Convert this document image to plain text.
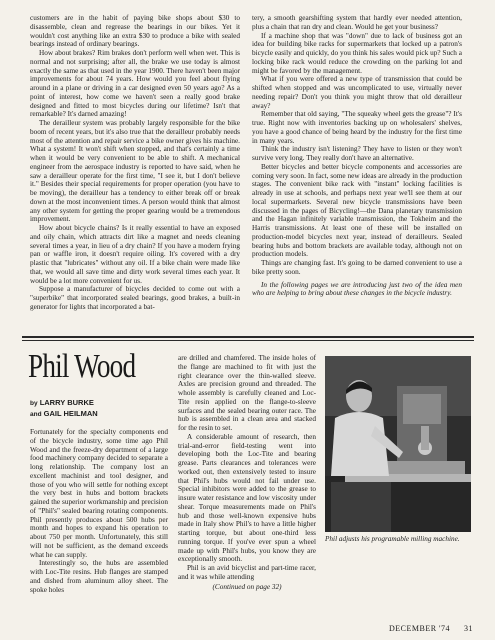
customers are in the habit of paying bike shops about $30 to disassemble, clean and regrease the bearings in our bikes. Yet it wouldn't cost anything like an extra $30 to produce a bike with sealed bearings instead of ordinary bearings.

How about brakes? Rim brakes don't perform well when wet. This is normal and not surprising; after all, the brake we use today is almost exactly the same as that used in the year 1900. There haven't been major improvements for about 74 years. How would you feel about flying around in a plane or driving in a car designed even 50 years ago? As a point of interest, how come we haven't seen a really good brake designed and fitted to most bicycles during our lifetime? Isn't that remarkable? It's darned amazing!

The derailleur system was probably largely responsible for the bike boom of recent years, but it's also true that the derailleur probably needs most of the attention and repair service a bike owner gives his machine. What a system! It won't shift when stopped, and that's certainly a time when it would be very convenient to be able to shift. A mechanical engineer from the aerospace industry is reported to have said, when he saw a derailleur operate for the first time, "I see it, but I don't believe it." Besides their special requirements for proper operation (you have to be moving), the derailleur has a tendency to either break off or break down at the most inconvenient times. A person would think that almost any other system for getting the proper gearing would be a tremendous improvement.

How about bicycle chains? Is it really essential to have an exposed and oily chain, which attracts dirt like a magnet and needs cleaning several times a year, in lieu of a dry chain? If you have a modern frying pan or waffle iron, it doesn't require oiling. It's covered with a dry plastic that "lubricates" without any oil. If a bike chain were made like that, we would all save time and dirty work several times each year. It would be a lot more convenient for us.

Suppose a manufacturer of bicycles decided to come out with a "superbike" that incorporated sealed bearings, good brakes, a built-in generator for lights that incorporated a bat-

tery, a smooth gearshifting system that hardly ever needed attention, plus a chain that ran dry and clean. Would he get your business?

If a machine shop that was "down" due to lack of business got an idea for building bike racks for supermarkets that locked up a patron's bicycle easily and quickly, do you think his sales would pick up? Such a locking bike rack would reduce the crowding on the parking lot and might be favored by the management.

What if you were offered a new type of transmission that could be shifted when stopped and was uncomplicated to use, virtually never needing repair? Don't you think you might throw that old derailleur away?

Remember that old saying, "The squeaky wheel gets the grease"? It's true. Right now with inventories backing up on wholesalers' shelves, you have a good chance of being heard by the industry for the first time in many years.

Think the industry isn't listening? They have to listen or they won't survive very long. They really don't have an alternative.

Better bicycles and better bicycle components and accessories are coming very soon. In fact, some new ideas are already in the production stages. The convenient bike rack with "instant" locking facilities is already in use at schools, and perhaps next year we'll see them at our local supermarkets. Several new bicycle transmissions have been discussed in the pages of Bicycling!—the Dana planetary transmission and the Hagan infinitely variable transmission, the Tokheim and the Harris transmissions. At least one of these will be installed on production-model bicycles next year, instead of derailleurs. Sealed bearing hubs and bottom brackets are available today, although not on production models.

Things are changing fast. It's going to be darned convenient to use a bike pretty soon.

In the following pages we are introducing just two of the idea men who are helping to bring about these changes in the bicycle industry.

Phil Wood
by LARRY BURKE
and GAIL HEILMAN

Fortunately for the specialty components end of the bicycle industry, some time ago Phil Wood and the freeze-dry department of a large food machinery company decided to separate a long relationship. The company lost an excellent machinist and tool designer, and those of you who will settle for nothing except the very best in hubs and bottom brackets gained the superior workmanship and precision of "Phil's" sealed bearing rotating components. Phil presently produces about 500 hubs per month and hopes to expand his operation to about 750 per month. Unfortunately, this still will not be sufficient, as the demand exceeds what he can supply.

Interestingly so, the hubs are assembled with Loc-Tite resins. Hub flanges are stamped and dished from aluminum alloy sheet. The spoke holes

are drilled and chamfered. The inside holes of the flange are machined to fit with just the right clearance over the thin-walled sleeve. Axles are precision ground and threaded. The whole assembly is carefully cleaned and Loc-Tite resin applied on the flange-to-sleeve surfaces and the sealed bearing outer race. The hub is assembled in a clean area and stacked for the resin to set.

A considerable amount of research, then trial-and-error field-testing went into developing both the Loc-Tite and bearing grease. Parts clearances and tolerances were worked out, then extensively tested to insure that Phil's hubs would not fail under use. Special inhibitors were added to the grease to insure water resistance and low viscosity under shear. Torque measurements made on Phil's hub and those well-known expensive hubs made in Italy show Phil's to have a little higher starting torque, but about one-third less running torque. If you've ever spun a wheel made up with Phil's hubs, you know they are exceptionally smooth.

Phil is an avid bicyclist and part-time racer, and it was while attending

(Continued on page 32)

Phil adjusts his programable milling machine.
DECEMBER '74 31
